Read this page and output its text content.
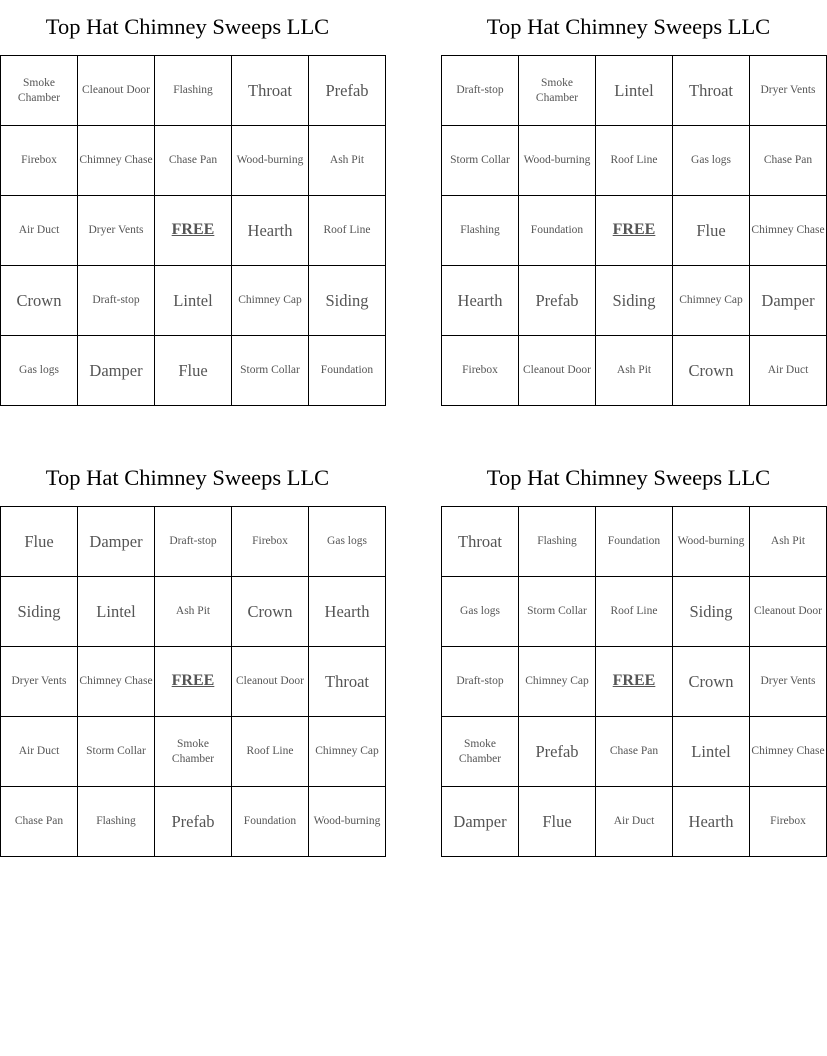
Top Hat Chimney Sweeps LLC
Smoke Chamber	Cleanout Door	Flashing	Throat	Prefab
Firebox	Chimney Chase	Chase Pan	Wood-burning	Ash Pit
Air Duct	Dryer Vents	FREE	Hearth	Roof Line
Crown	Draft-stop	Lintel	Chimney Cap	Siding
Gas logs	Damper	Flue	Storm Collar	Foundation
Top Hat Chimney Sweeps LLC
Draft-stop	Smoke Chamber	Lintel	Throat	Dryer Vents
Storm Collar	Wood-burning	Roof Line	Gas logs	Chase Pan
Flashing	Foundation	FREE	Flue	Chimney Chase
Hearth	Prefab	Siding	Chimney Cap	Damper
Firebox	Cleanout Door	Ash Pit	Crown	Air Duct
Top Hat Chimney Sweeps LLC
Flue	Damper	Draft-stop	Firebox	Gas logs
Siding	Lintel	Ash Pit	Crown	Hearth
Dryer Vents	Chimney Chase	FREE	Cleanout Door	Throat
Air Duct	Storm Collar	Smoke Chamber	Roof Line	Chimney Cap
Chase Pan	Flashing	Prefab	Foundation	Wood-burning
Top Hat Chimney Sweeps LLC
Throat	Flashing	Foundation	Wood-burning	Ash Pit
Gas logs	Storm Collar	Roof Line	Siding	Cleanout Door
Draft-stop	Chimney Cap	FREE	Crown	Dryer Vents
Smoke Chamber	Prefab	Chase Pan	Lintel	Chimney Chase
Damper	Flue	Air Duct	Hearth	Firebox
